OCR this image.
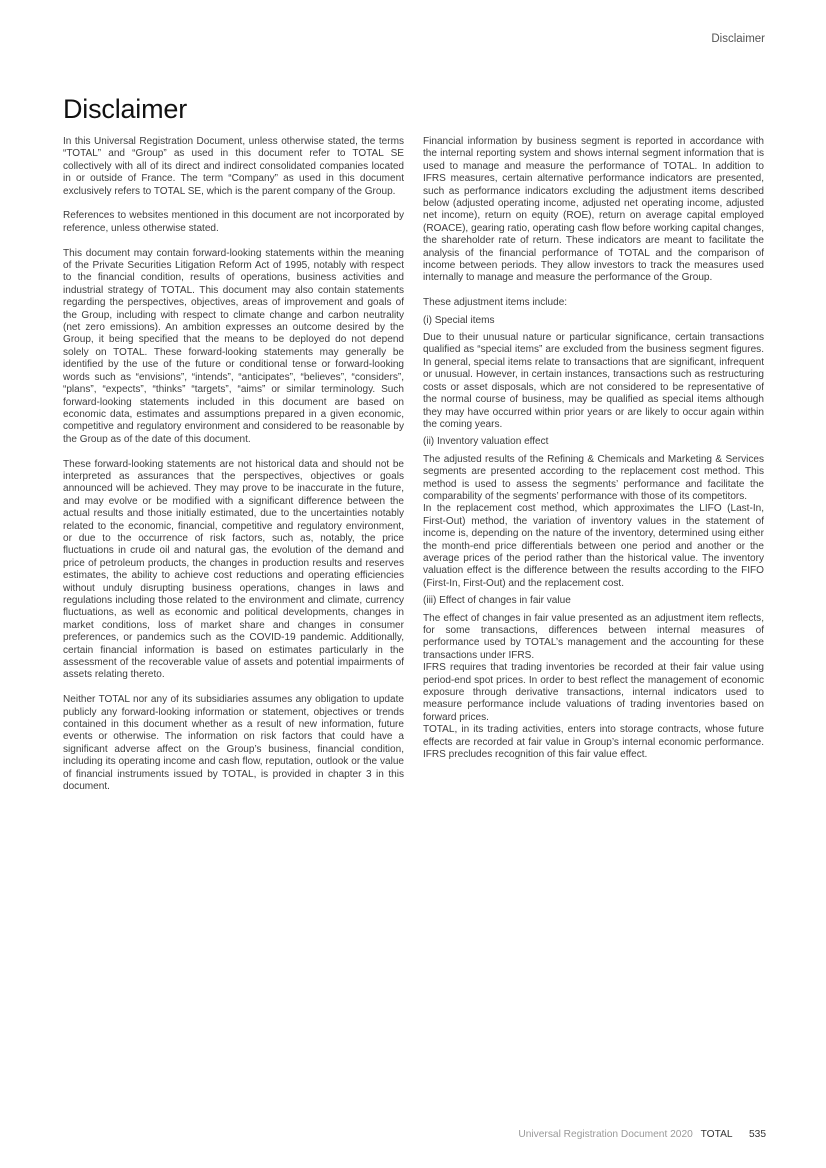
Disclaimer
Disclaimer

In this Universal Registration Document, unless otherwise stated, the terms “TOTAL” and “Group” as used in this document refer to TOTAL SE collectively with all of its direct and indirect consolidated companies located in or outside of France. The term “Company” as used in this document exclusively refers to TOTAL SE, which is the parent company of the Group.

References to websites mentioned in this document are not incorporated by reference, unless otherwise stated.

This document may contain forward-looking statements within the meaning of the Private Securities Litigation Reform Act of 1995, notably with respect to the financial condition, results of operations, business activities and industrial strategy of TOTAL. This document may also contain statements regarding the perspectives, objectives, areas of improvement and goals of the Group, including with respect to climate change and carbon neutrality (net zero emissions). An ambition expresses an outcome desired by the Group, it being specified that the means to be deployed do not depend solely on TOTAL. These forward-looking statements may generally be identified by the use of the future or conditional tense or forward-looking words such as “envisions”, “intends”, “anticipates”, “believes”, “considers”, “plans”, “expects”, “thinks” “targets”, “aims” or similar terminology. Such forward-looking statements included in this document are based on economic data, estimates and assumptions prepared in a given economic, competitive and regulatory environment and considered to be reasonable by the Group as of the date of this document.

These forward-looking statements are not historical data and should not be interpreted as assurances that the perspectives, objectives or goals announced will be achieved. They may prove to be inaccurate in the future, and may evolve or be modified with a significant difference between the actual results and those initially estimated, due to the uncertainties notably related to the economic, financial, competitive and regulatory environment, or due to the occurrence of risk factors, such as, notably, the price fluctuations in crude oil and natural gas, the evolution of the demand and price of petroleum products, the changes in production results and reserves estimates, the ability to achieve cost reductions and operating efficiencies without unduly disrupting business operations, changes in laws and regulations including those related to the environment and climate, currency fluctuations, as well as economic and political developments, changes in market conditions, loss of market share and changes in consumer preferences, or pandemics such as the COVID-19 pandemic. Additionally, certain financial information is based on estimates particularly in the assessment of the recoverable value of assets and potential impairments of assets relating thereto.

Neither TOTAL nor any of its subsidiaries assumes any obligation to update publicly any forward-looking information or statement, objectives or trends contained in this document whether as a result of new information, future events or otherwise. The information on risk factors that could have a significant adverse affect on the Group’s business, financial condition, including its operating income and cash flow, reputation, outlook or the value of financial instruments issued by TOTAL, is provided in chapter 3 in this document.

Financial information by business segment is reported in accordance with the internal reporting system and shows internal segment information that is used to manage and measure the performance of TOTAL. In addition to IFRS measures, certain alternative performance indicators are presented, such as performance indicators excluding the adjustment items described below (adjusted operating income, adjusted net operating income, adjusted net income), return on equity (ROE), return on average capital employed (ROACE), gearing ratio, operating cash flow before working capital changes, the shareholder rate of return. These indicators are meant to facilitate the analysis of the financial performance of TOTAL and the comparison of income between periods. They allow investors to track the measures used internally to manage and measure the performance of the Group.

These adjustment items include:

(i) Special items

Due to their unusual nature or particular significance, certain transactions qualified as “special items” are excluded from the business segment figures. In general, special items relate to transactions that are significant, infrequent or unusual. However, in certain instances, transactions such as restructuring costs or asset disposals, which are not considered to be representative of the normal course of business, may be qualified as special items although they may have occurred within prior years or are likely to occur again within the coming years.

(ii) Inventory valuation effect

The adjusted results of the Refining & Chemicals and Marketing & Services segments are presented according to the replacement cost method. This method is used to assess the segments’ performance and facilitate the comparability of the segments’ performance with those of its competitors.

In the replacement cost method, which approximates the LIFO (Last-In, First-Out) method, the variation of inventory values in the statement of income is, depending on the nature of the inventory, determined using either the month-end price differentials between one period and another or the average prices of the period rather than the historical value. The inventory valuation effect is the difference between the results according to the FIFO (First-In, First-Out) and the replacement cost.

(iii) Effect of changes in fair value

The effect of changes in fair value presented as an adjustment item reflects, for some transactions, differences between internal measures of performance used by TOTAL’s management and the accounting for these transactions under IFRS.

IFRS requires that trading inventories be recorded at their fair value using period-end spot prices. In order to best reflect the management of economic exposure through derivative transactions, internal indicators used to measure performance include valuations of trading inventories based on forward prices.

TOTAL, in its trading activities, enters into storage contracts, whose future effects are recorded at fair value in Group’s internal economic performance. IFRS precludes recognition of this fair value effect.

Universal Registration Document 2020 TOTAL 535
